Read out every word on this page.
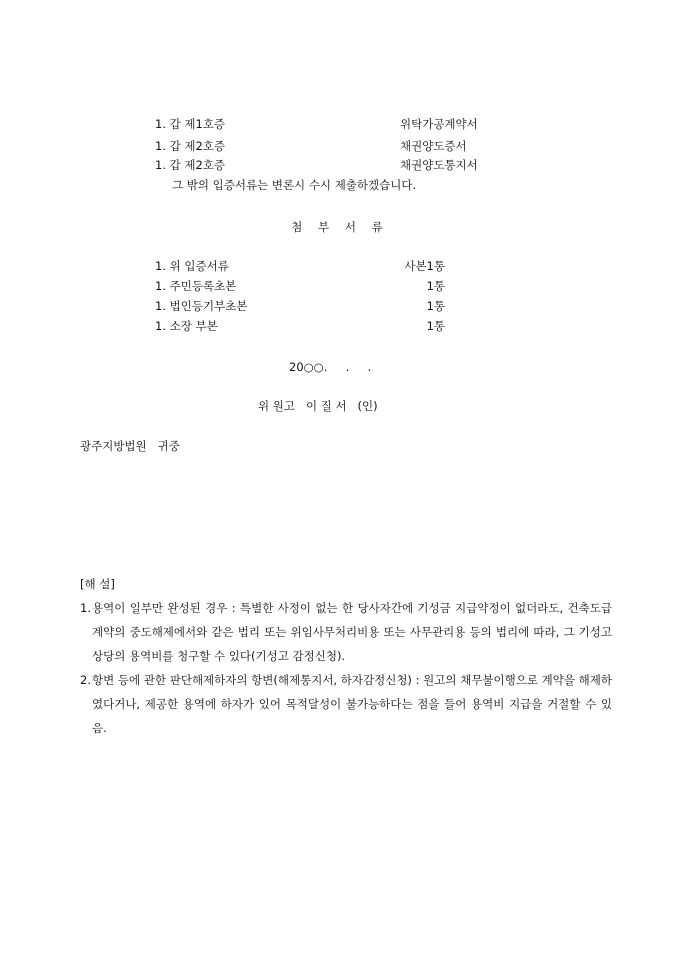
1. 갑 제1호증	위탁가공계약서
1. 갑 제2호증	채권양도증서
1. 갑 제2호증	채권양도통지서
그 밖의 입증서류는 변론시 수시 제출하겠습니다.
첨 부 서 류
1. 위 입증서류	사본1통
1. 주민등록초본	1통
1. 법인등기부초본	1통
1. 소장 부본	1통
20○○.     .     .
위 원고   이 질 서   (인)
광주지방법원   귀중
[해 설]
1. 용역이 일부만 완성된 경우 : 특별한 사정이 없는 한 당사자간에 기성금 지급약정이 없더라도, 건축도급계약의 중도해제에서와 같은 법리 또는 위임사무처리비용 또는 사무관리용 등의 법리에 따라, 그 기성고 상당의 용역비를 청구할 수 있다(기성고 감정신청).
2. 항변 등에 관한 판단해제하자의 항변(해제통지서, 하자감정신청) : 원고의 채무불이행으로 계약을 해제하였다거나, 제공한 용역에 하자가 있어 목적달성이 불가능하다는 점을 들어 용역비 지급을 거절할 수 있음.
